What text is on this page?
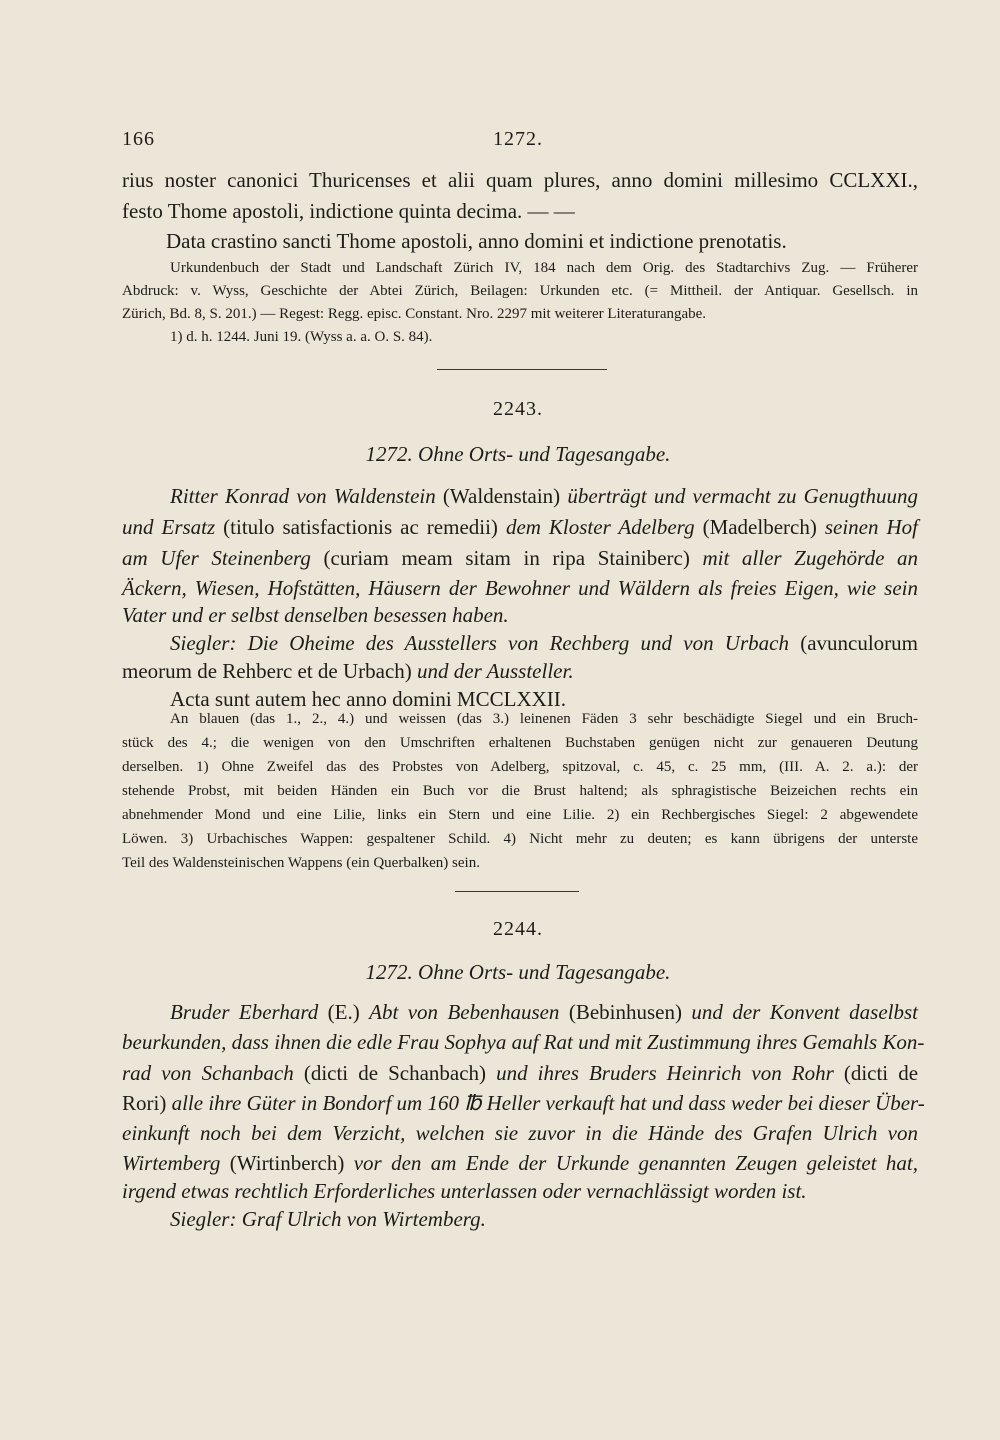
166	1272.
rius noster canonici Thuricenses et alii quam plures, anno domini millesimo CCLXXI.,
festo Thome apostoli, indictione quinta decima. — —
Data crastino sancti Thome apostoli, anno domini et indictione prenotatis.
Urkundenbuch der Stadt und Landschaft Zürich IV, 184 nach dem Orig. des Stadtarchivs Zug. — Früherer
Abdruck: v. Wyss, Geschichte der Abtei Zürich, Beilagen: Urkunden etc. (= Mittheil. der Antiquar. Gesellsch. in
Zürich, Bd. 8, S. 201.) — Regest: Regg. episc. Constant. Nro. 2297 mit weiterer Literaturangabe.
1) d. h. 1244. Juni 19. (Wyss a. a. O. S. 84).
2243.
1272. Ohne Orts- und Tagesangabe.
Ritter Konrad von Waldenstein (Waldenstain) überträgt und vermacht zu Genugthuung
und Ersatz (titulo satisfactionis ac remedii) dem Kloster Adelberg (Madelberch) seinen Hof
am Ufer Steinenberg (curiam meam sitam in ripa Stainiberc) mit aller Zugehörde an
Äckern, Wiesen, Hofstätten, Häusern der Bewohner und Wäldern als freies Eigen, wie sein
Vater und er selbst denselben besessen haben.
Siegler: Die Oheime des Ausstellers von Rechberg und von Urbach (avunculorum
meorum de Rehberc et de Urbach) und der Aussteller.
Acta sunt autem hec anno domini MCCLXXII.
An blauen (das 1., 2., 4.) und weissen (das 3.) leinenen Fäden 3 sehr beschädigte Siegel und ein Bruch-
stück des 4.; die wenigen von den Umschriften erhaltenen Buchstaben genügen nicht zur genaueren Deutung
derselben. 1) Ohne Zweifel das des Probstes von Adelberg, spitzoval, c. 45, c. 25 mm, (III. A. 2. a.): der
stehende Probst, mit beiden Händen ein Buch vor die Brust haltend; als sphragistische Beizeichen rechts ein
abnehmender Mond und eine Lilie, links ein Stern und eine Lilie. 2) ein Rechbergisches Siegel: 2 abgewendete
Löwen. 3) Urbachisches Wappen: gespaltener Schild. 4) Nicht mehr zu deuten; es kann übrigens der unterste
Teil des Waldensteinischen Wappens (ein Querbalken) sein.
2244.
1272. Ohne Orts- und Tagesangabe.
Bruder Eberhard (E.) Abt von Bebenhausen (Bebinhusen) und der Konvent daselbst
beurkunden, dass ihnen die edle Frau Sophya auf Rat und mit Zustimmung ihres Gemahls Kon-
rad von Schanbach (dicti de Schanbach) und ihres Bruders Heinrich von Rohr (dicti de
Rori) alle ihre Güter in Bondorf um 160 ℔ Heller verkauft hat und dass weder bei dieser Über-
einkunft noch bei dem Verzicht, welchen sie zuvor in die Hände des Grafen Ulrich von
Wirtemberg (Wirtinberch) vor den am Ende der Urkunde genannten Zeugen geleistet hat,
irgend etwas rechtlich Erforderliches unterlassen oder vernachlässigt worden ist.
Siegler: Graf Ulrich von Wirtemberg.
